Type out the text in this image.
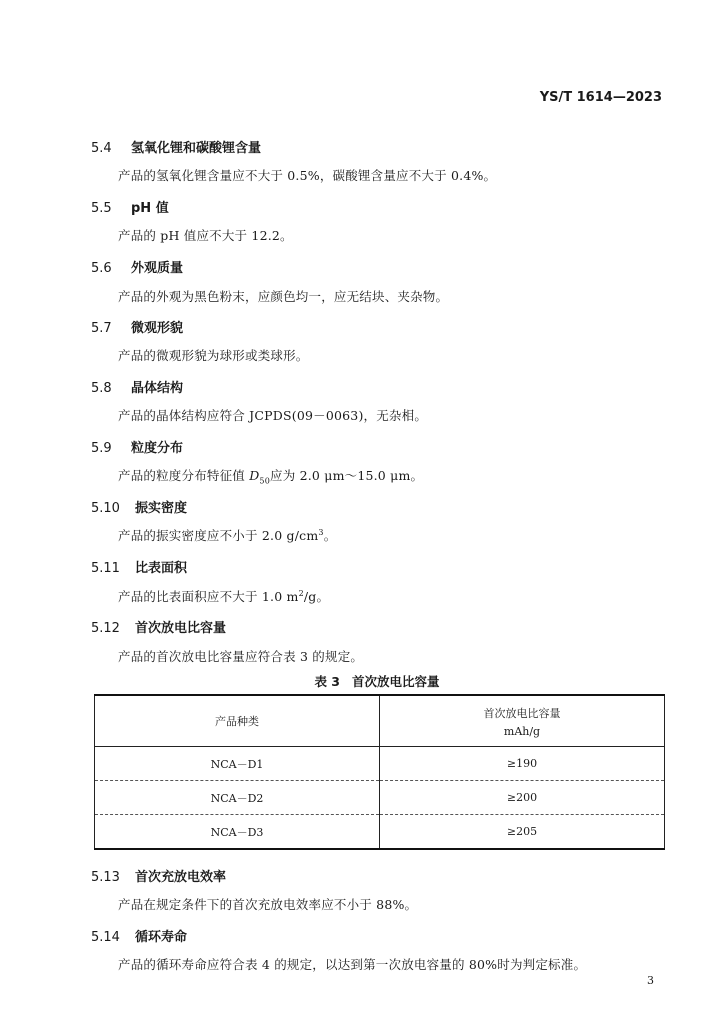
YS/T 1614—2023
5.4 氢氧化锂和碳酸锂含量
产品的氢氧化锂含量应不大于 0.5%，碳酸锂含量应不大于 0.4%。
5.5 pH 值
产品的 pH 值应不大于 12.2。
5.6 外观质量
产品的外观为黑色粉末，应颜色均一，应无结块、夹杂物。
5.7 微观形貌
产品的微观形貌为球形或类球形。
5.8 晶体结构
产品的晶体结构应符合 JCPDS(09－0063)，无杂相。
5.9 粒度分布
产品的粒度分布特征值 $D_{50}$应为 2.0 μm～15.0 μm。
5.10 振实密度
产品的振实密度应不小于 2.0 $g/cm^3$。
5.11 比表面积
产品的比表面积应不大于 1.0 $m^2/g$。
5.12 首次放电比容量
产品的首次放电比容量应符合表 3 的规定。
表 3 首次放电比容量
产品种类	首次放电比容量
mAh/g

NCA－D1	≥190
NCA－D2	≥200
NCA－D3	≥205
5.13 首次充放电效率
产品在规定条件下的首次充放电效率应不小于 88%。
5.14 循环寿命
产品的循环寿命应符合表 4 的规定，以达到第一次放电容量的 80%时为判定标准。
3
